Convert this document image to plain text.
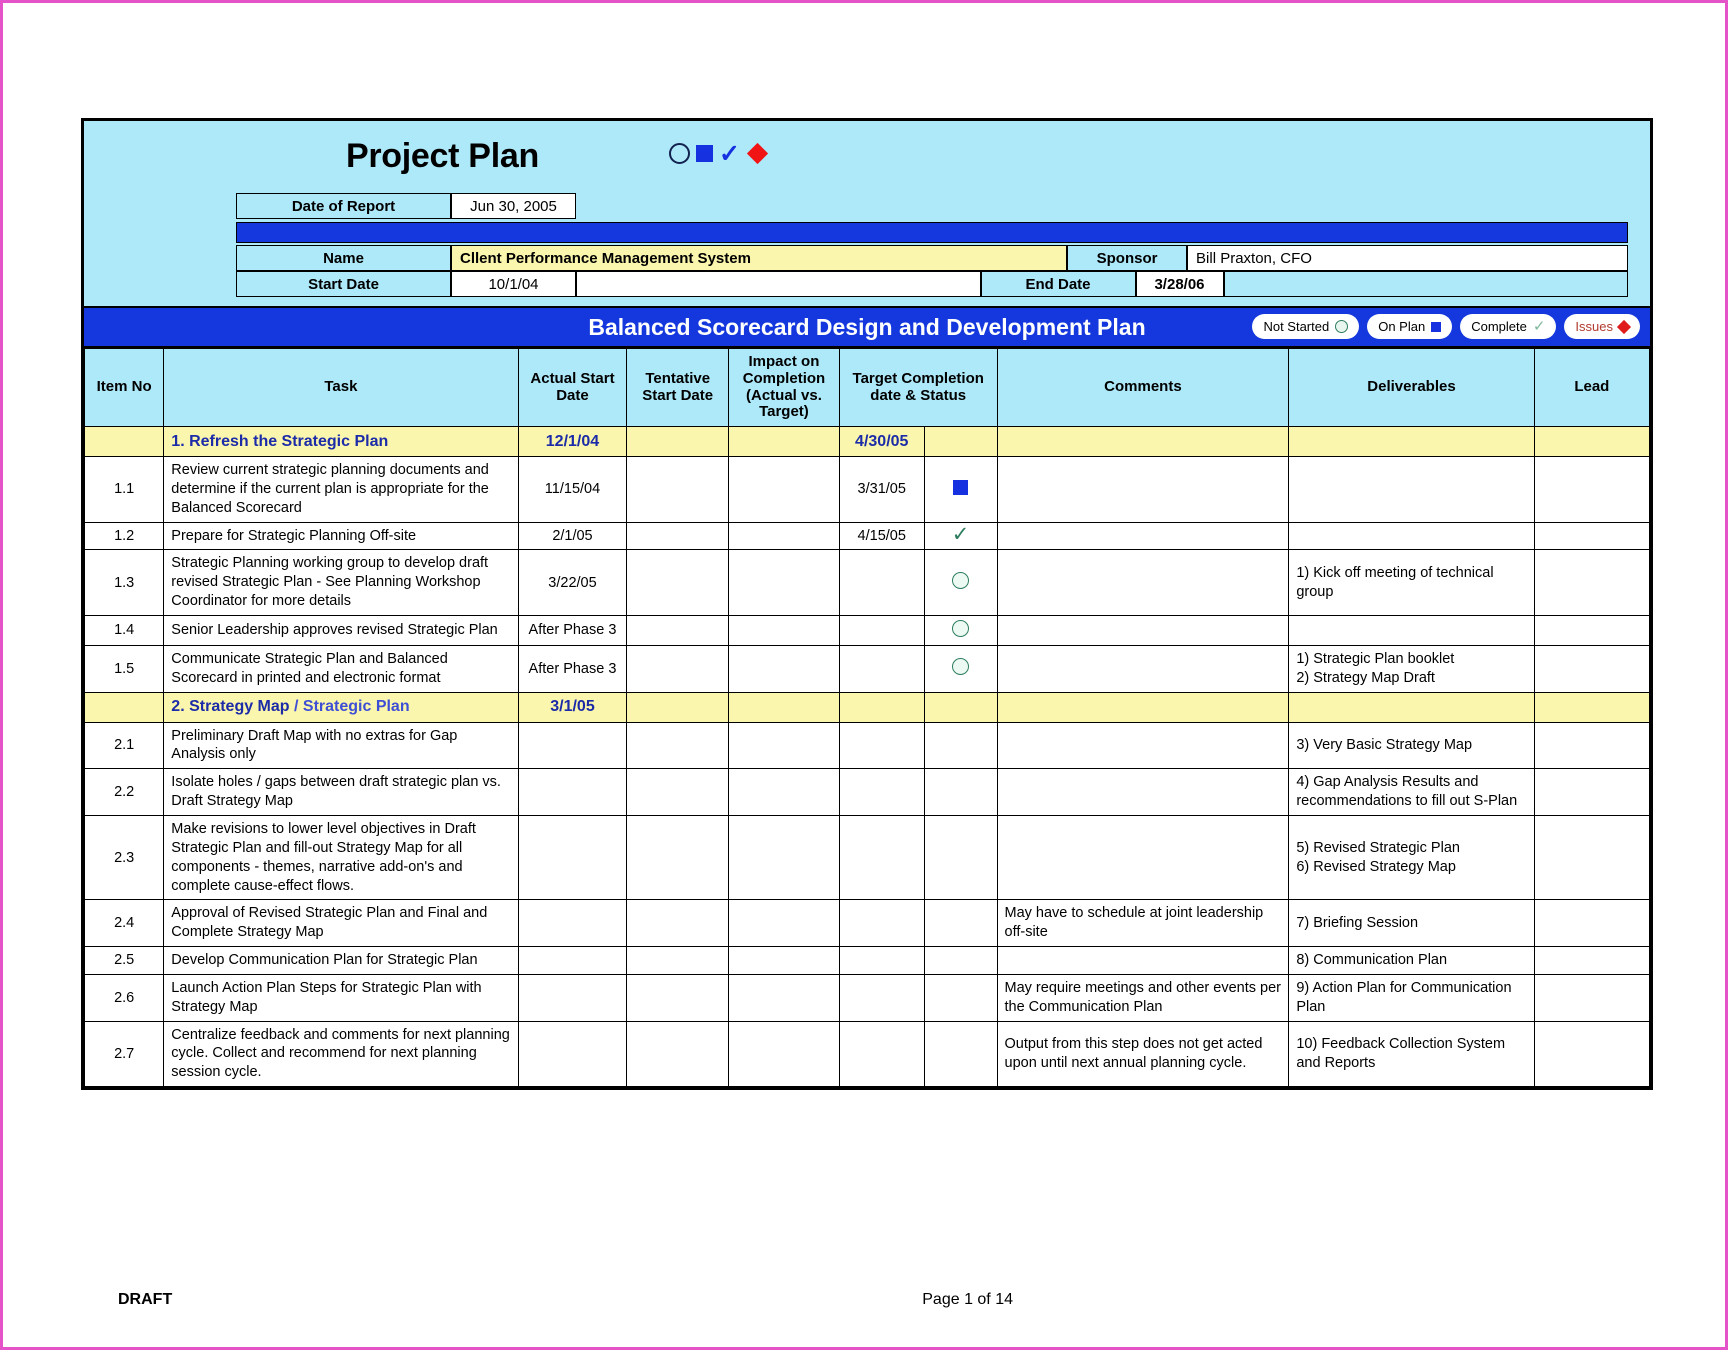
Project Plan	✓
Date of Report	Jun 30, 2005
Name	Cllent Performance Management System	Sponsor	Bill Praxton, CFO
Start Date	10/1/04	End Date	3/28/06
Balanced Scorecard Design and Development Plan	Not Started	On Plan	Complete ✓ Issues
Item No	Task	Actual Start Date	Tentative Start Date	Impact on Completion (Actual vs. Target)	Target Completion date & Status		Comments	Deliverables	Lead
	1. Refresh the Strategic Plan	12/1/04			4/30/05				
1.1	Review current strategic planning documents and determine if the current plan is appropriate for the Balanced Scorecard	11/15/04			3/31/05				
1.2	Prepare for Strategic Planning Off-site	2/1/05			4/15/05	✓			
1.3	Strategic Planning working group to develop draft revised Strategic Plan - See Planning Workshop Coordinator for more details	3/22/05						1) Kick off meeting of technical group	
1.4	Senior Leadership approves revised Strategic Plan	After Phase 3							
1.5	Communicate Strategic Plan and Balanced Scorecard in printed and electronic format	After Phase 3						1) Strategic Plan booklet
2) Strategy Map Draft	
	2. Strategy Map / Strategic Plan	3/1/05							
2.1	Preliminary Draft Map with no extras for Gap Analysis only							3) Very Basic Strategy Map	
2.2	Isolate holes / gaps between draft strategic plan vs. Draft Strategy Map							4) Gap Analysis Results and recommendations to fill out S-Plan	
2.3	Make revisions to lower level objectives in Draft Strategic Plan and fill-out Strategy Map for all components - themes, narrative add-on's and complete cause-effect flows.							5) Revised Strategic Plan
6) Revised Strategy Map	
2.4	Approval of Revised Strategic Plan and Final and Complete Strategy Map						May have to schedule at joint leadership off-site	7) Briefing Session	
2.5	Develop Communication Plan for Strategic Plan							8) Communication Plan	
2.6	Launch Action Plan Steps for Strategic Plan with Strategy Map						May require meetings and other events per the Communication Plan	9) Action Plan for Communication Plan	
2.7	Centralize feedback and comments for next planning cycle. Collect and recommend for next planning session cycle.						Output from this step does not get acted upon until next annual planning cycle.	10) Feedback Collection System and Reports	
DRAFT	Page 1 of 14
